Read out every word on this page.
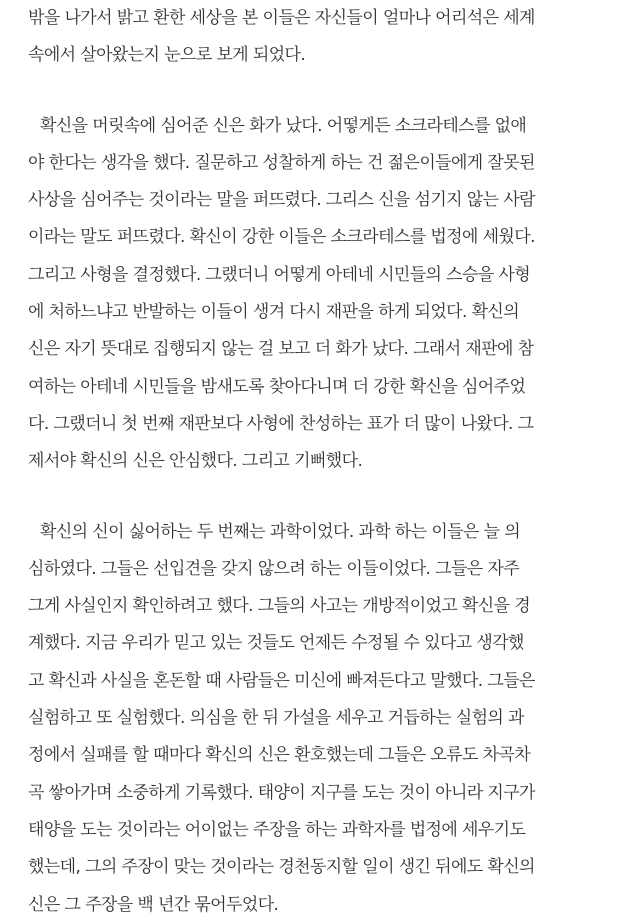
밖을 나가서 밝고 환한 세상을 본 이들은 자신들이 얼마나 어리석은 세계
속에서 살아왔는지 눈으로 보게 되었다.

확신을 머릿속에 심어준 신은 화가 났다. 어떻게든 소크라테스를 없애
야 한다는 생각을 했다. 질문하고 성찰하게 하는 건 젊은이들에게 잘못된
사상을 심어주는 것이라는 말을 퍼뜨렸다. 그리스 신을 섬기지 않는 사람
이라는 말도 퍼뜨렸다. 확신이 강한 이들은 소크라테스를 법정에 세웠다.
그리고 사형을 결정했다. 그랬더니 어떻게 아테네 시민들의 스승을 사형
에 처하느냐고 반발하는 이들이 생겨 다시 재판을 하게 되었다. 확신의
신은 자기 뜻대로 집행되지 않는 걸 보고 더 화가 났다. 그래서 재판에 참
여하는 아테네 시민들을 밤새도록 찾아다니며 더 강한 확신을 심어주었
다. 그랬더니 첫 번째 재판보다 사형에 찬성하는 표가 더 많이 나왔다. 그
제서야 확신의 신은 안심했다. 그리고 기뻐했다.

확신의 신이 싫어하는 두 번째는 과학이었다. 과학 하는 이들은 늘 의
심하였다. 그들은 선입견을 갖지 않으려 하는 이들이었다. 그들은 자주
그게 사실인지 확인하려고 했다. 그들의 사고는 개방적이었고 확신을 경
계했다. 지금 우리가 믿고 있는 것들도 언제든 수정될 수 있다고 생각했
고 확신과 사실을 혼돈할 때 사람들은 미신에 빠져든다고 말했다. 그들은
실험하고 또 실험했다. 의심을 한 뒤 가설을 세우고 거듭하는 실험의 과
정에서 실패를 할 때마다 확신의 신은 환호했는데 그들은 오류도 차곡차
곡 쌓아가며 소중하게 기록했다. 태양이 지구를 도는 것이 아니라 지구가
태양을 도는 것이라는 어이없는 주장을 하는 과학자를 법정에 세우기도
했는데, 그의 주장이 맞는 것이라는 경천동지할 일이 생긴 뒤에도 확신의
신은 그 주장을 백 년간 묶어두었다.
